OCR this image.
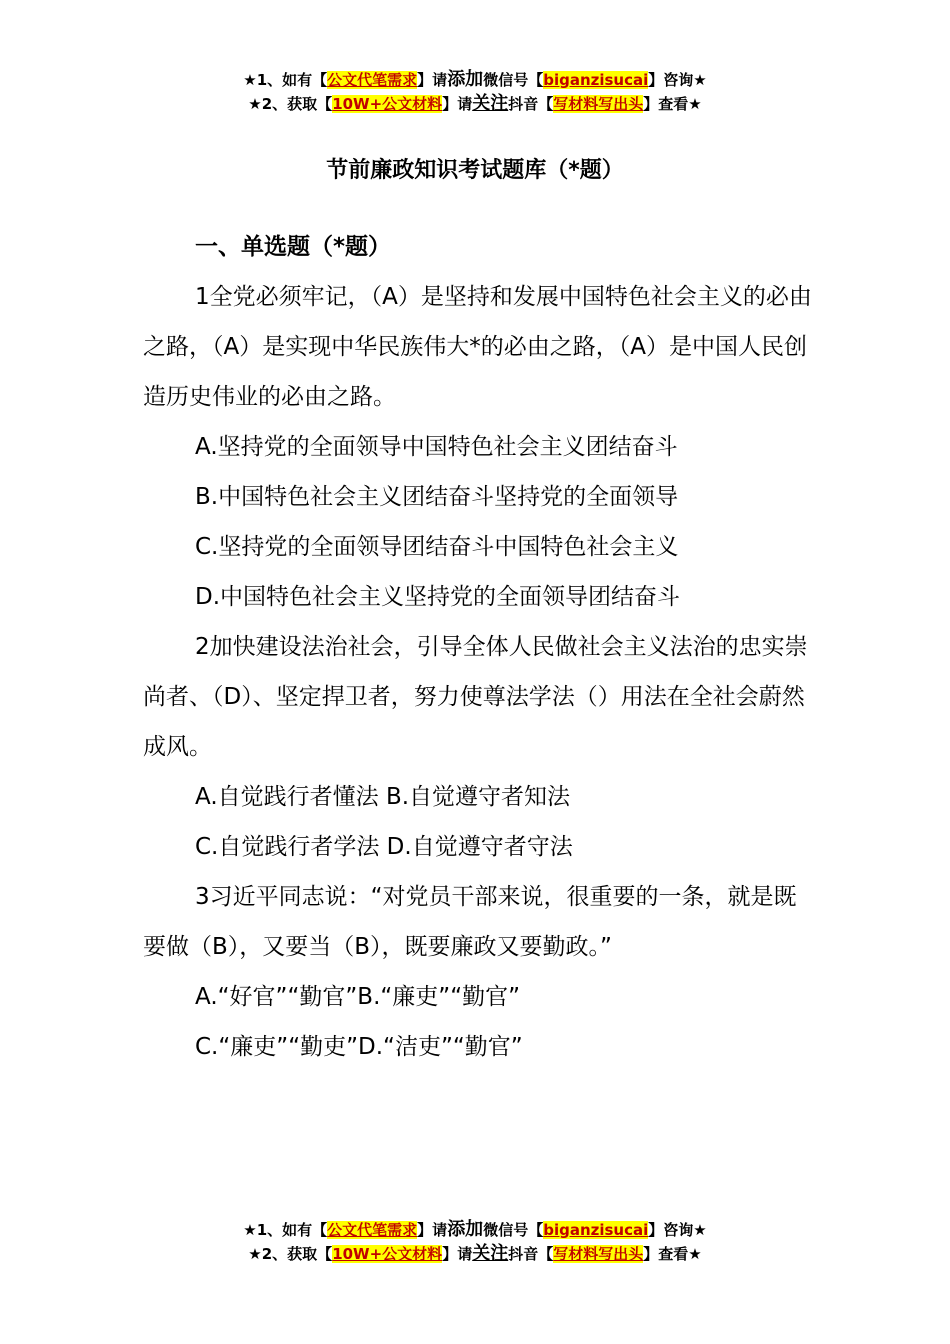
★1、如有【公文代笔需求】请添加微信号【biganzisucai】咨询★
★2、获取【10W+公文材料】请关注抖音【写材料写出头】查看★
节前廉政知识考试题库（*题）

一、单选题（*题）

1全党必须牢记，（A）是坚持和发展中国特色社会主义的必由之路，（A）是实现中华民族伟大*的必由之路，（A）是中国人民创造历史伟业的必由之路。

A.坚持党的全面领导中国特色社会主义团结奋斗

B.中国特色社会主义团结奋斗坚持党的全面领导

C.坚持党的全面领导团结奋斗中国特色社会主义

D.中国特色社会主义坚持党的全面领导团结奋斗

2加快建设法治社会，引导全体人民做社会主义法治的忠实崇尚者、（D）、坚定捍卫者，努力使尊法学法（）用法在全社会蔚然成风。

A.自觉践行者懂法 B.自觉遵守者知法

C.自觉践行者学法 D.自觉遵守者守法

3习近平同志说：“对党员干部来说，很重要的一条，就是既要做（B），又要当（B），既要廉政又要勤政。”

A.“好官”“勤官”B.“廉吏”“勤官”

C.“廉吏”“勤吏”D.“洁吏”“勤官”

★1、如有【公文代笔需求】请添加微信号【biganzisucai】咨询★
★2、获取【10W+公文材料】请关注抖音【写材料写出头】查看★
